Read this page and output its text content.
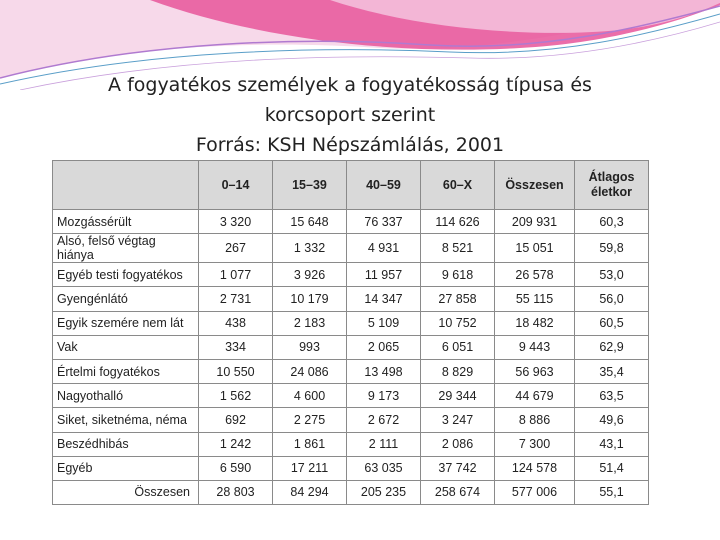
A fogyatékos személyek a fogyatékosság típusa és korcsoport szerint
Forrás: KSH Népszámlálás, 2001
	0–14	15–39	40–59	60–X	Összesen	Átlagos életkor
Mozgássérült	3 320	15 648	76 337	114 626	209 931	60,3
Alsó, felső végtag hiánya	267	1 332	4 931	8 521	15 051	59,8
Egyéb testi fogyatékos	1 077	3 926	11 957	9 618	26 578	53,0
Gyengénlátó	2 731	10 179	14 347	27 858	55 115	56,0
Egyik szemére nem lát	438	2 183	5 109	10 752	18 482	60,5
Vak	334	993	2 065	6 051	9 443	62,9
Értelmi fogyatékos	10 550	24 086	13 498	8 829	56 963	35,4
Nagyothalló	1 562	4 600	9 173	29 344	44 679	63,5
Siket, siketnéma, néma	692	2 275	2 672	3 247	8 886	49,6
Beszédhibás	1 242	1 861	2 111	2 086	7 300	43,1
Egyéb	6 590	17 211	63 035	37 742	124 578	51,4
Összesen	28 803	84 294	205 235	258 674	577 006	55,1
